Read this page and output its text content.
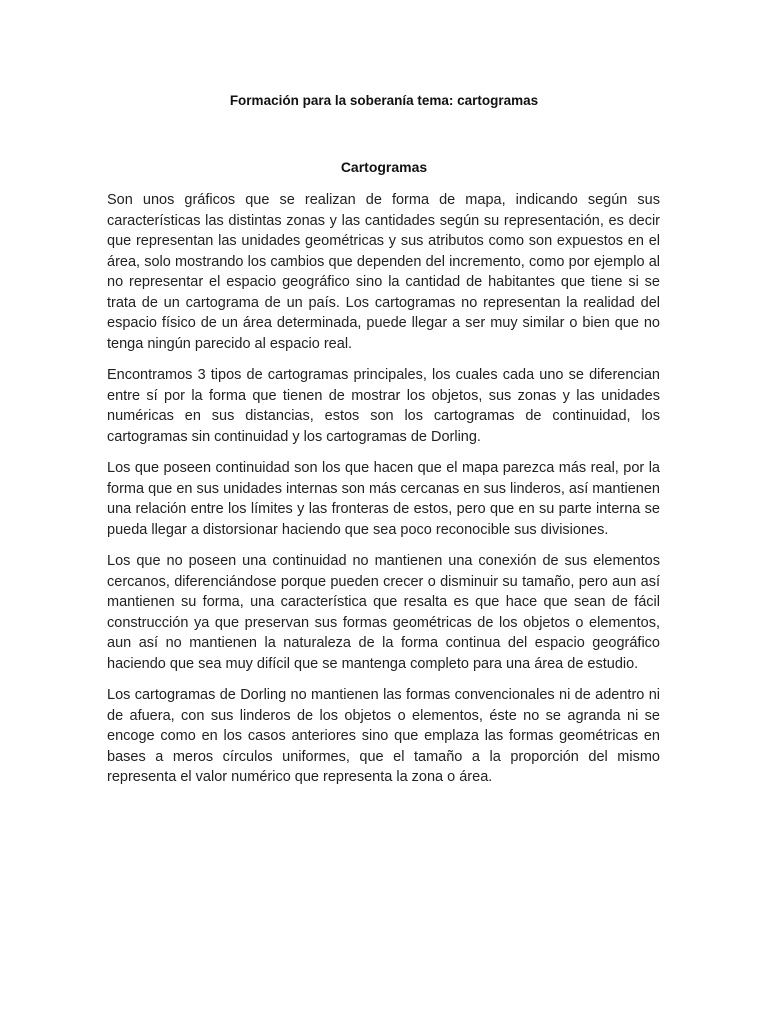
Formación para la soberanía tema: cartogramas
Cartogramas

Son unos gráficos que se realizan de forma de mapa, indicando según sus características las distintas zonas y las cantidades según su representación, es decir que representan las unidades geométricas y sus atributos como son expuestos en el área, solo mostrando los cambios que dependen del incremento, como por ejemplo al no representar el espacio geográfico sino la cantidad de habitantes que tiene si se trata de un cartograma de un país. Los cartogramas no representan la realidad del espacio físico de un área determinada, puede llegar a ser muy similar o bien que no tenga ningún parecido al espacio real.

Encontramos 3 tipos de cartogramas principales, los cuales cada uno se diferencian entre sí por la forma que tienen de mostrar los objetos, sus zonas y las unidades numéricas en sus distancias, estos son los cartogramas de continuidad, los cartogramas sin continuidad y los cartogramas de Dorling.

Los que poseen continuidad son los que hacen que el mapa parezca más real, por la forma que en sus unidades internas son más cercanas en sus linderos, así mantienen una relación entre los límites y las fronteras de estos, pero que en su parte interna se pueda llegar a distorsionar haciendo que sea poco reconocible sus divisiones.

Los que no poseen una continuidad no mantienen una conexión de sus elementos cercanos, diferenciándose porque pueden crecer o disminuir su tamaño, pero aun así mantienen su forma, una característica que resalta es que hace que sean de fácil construcción ya que preservan sus formas geométricas de los objetos o elementos, aun así no mantienen la naturaleza de la forma continua del espacio geográfico haciendo que sea muy difícil que se mantenga completo para una área de estudio.

Los cartogramas de Dorling no mantienen las formas convencionales ni de adentro ni de afuera, con sus linderos de los objetos o elementos, éste no se agranda ni se encoge como en los casos anteriores sino que emplaza las formas geométricas en bases a meros círculos uniformes, que el tamaño a la proporción del mismo representa el valor numérico que representa la zona o área.
